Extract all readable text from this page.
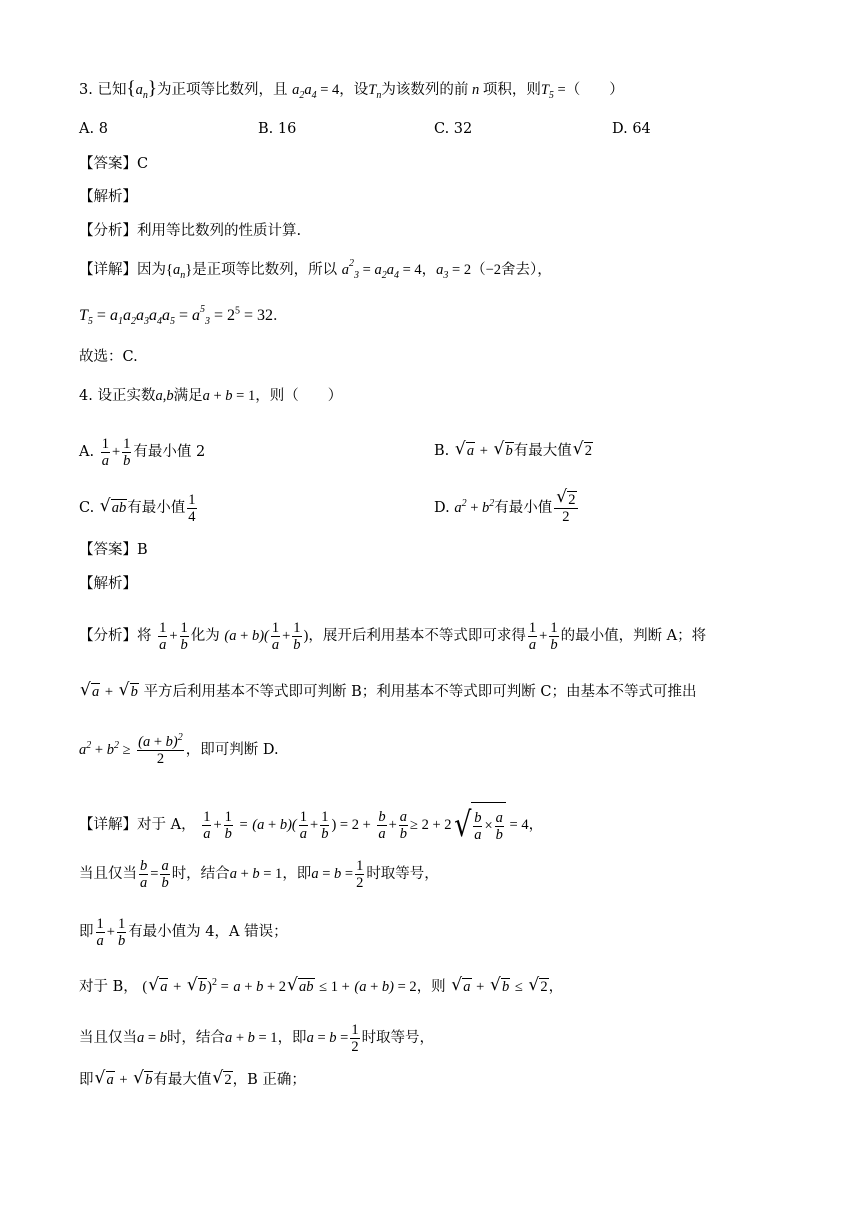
3. 已知$\{a_n\}$为正项等比数列，且 $a_2a_4 = 4$，设$T_n$为该数列的前 n 项积，则$T_5$ =（　　）
A. 8	B. 16	C. 32	D. 64
【答案】C
【解析】
【分析】利用等比数列的性质计算.
【详解】因为$\{a_n\}$是正项等比数列，所以 $a_{23} = a_2a_4 = 4$，$a_3 = 2(-2$舍去），
$T_5 = a_1a_2a_3a_4a_5 = a_{53} = 2^5 = 32$．
故选：C.
4. 设正实数a,b满足a + b = 1，则（　　）
A. $\frac{1}{a} + \frac{1}{b}$ 有最小值 2	B. √ a + √ b有最大值 √ 2
C. √ ab有最小值 $\frac{1}{4}$	D. $a^2 + b^2$有最小值 √ $\frac{2}{2}$
【答案】B
【解析】
【分析】将 $\frac{1}{a} + \frac{1}{b}$ 化为 $(a + b)( \frac{1}{a} + \frac{1}{b}$ )，展开后利用基本不等式即可求得 $\frac{1}{a} + \frac{1}{b}$ 的最小值，判断 A；将
√ a + √ b 平方后利用基本不等式即可判断 B；利用基本不等式即可判断 C；由基本不等式可推出
$a^2 + b^2 \ge \frac{(a + b)^2}{2}$ ，即可判断 D.
【详解】对于 A， $\frac{1}{a} + \frac{1}{b} = (a + b)( \frac{1}{a} + \frac{1}{b}$ ) = $2 + \frac{b}{a} + \frac{a}{b} \ge 2 + 2$ √ $\frac{b}{a} \times \frac{a}{b} = 4$，
当且仅当 $\frac{b}{a} = \frac{a}{b}$ 时，结合a + b = 1，即$a = b = \frac{1}{2}$ 时取等号，
即 $\frac{1}{a} + \frac{1}{b}$ 有最小值为 4，A 错误；
对于 B， ( √ a + √ b)$^2$ = a + b + 2 √ ab ≤ 1 + (a + b) = 2，则 √ a + √ b ≤ √ 2，
当且仅当a = b时，结合a + b = 1，即$a = b = \frac{1}{2}$ 时取等号，
即 √ a + √ b有最大值 √ 2，B 正确；
